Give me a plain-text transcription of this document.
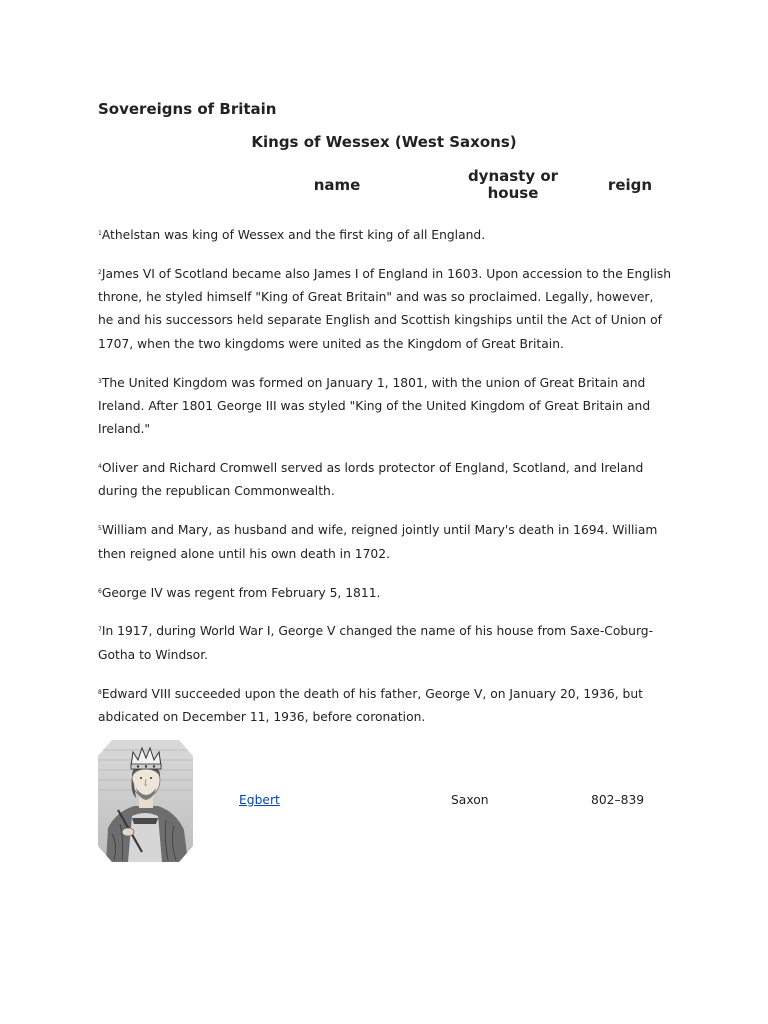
Sovereigns of Britain
Kings of Wessex (West Saxons)
name	dynasty or house	reign

$^1$Athelstan was king of Wessex and the first king of all England.

$^2$James VI of Scotland became also James I of England in 1603. Upon accession to the English throne, he styled himself "King of Great Britain" and was so proclaimed. Legally, however, he and his successors held separate English and Scottish kingships until the Act of Union of 1707, when the two kingdoms were united as the Kingdom of Great Britain.

$^3$The United Kingdom was formed on January 1, 1801, with the union of Great Britain and Ireland. After 1801 George III was styled "King of the United Kingdom of Great Britain and Ireland."

$^4$Oliver and Richard Cromwell served as lords protector of England, Scotland, and Ireland during the republican Commonwealth.

$^5$William and Mary, as husband and wife, reigned jointly until Mary's death in 1694. William then reigned alone until his own death in 1702.

$^6$George IV was regent from February 5, 1811.

$^7$In 1917, during World War I, George V changed the name of his house from Saxe-Coburg-Gotha to Windsor.

$^8$Edward VIII succeeded upon the death of his father, George V, on January 20, 1936, but abdicated on December 11, 1936, before coronation.

Egbert	Saxon	802–839
